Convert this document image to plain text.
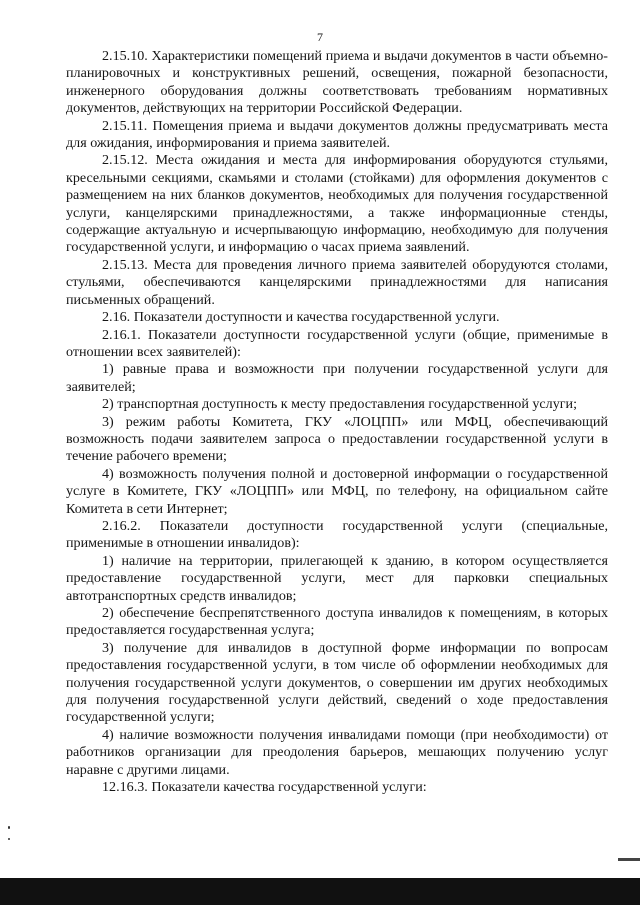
7

2.15.10. Характеристики помещений приема и выдачи документов в части объемно-планировочных и конструктивных решений, освещения, пожарной безопасности, инженерного оборудования должны соответствовать требованиям нормативных документов, действующих на территории Российской Федерации.

2.15.11. Помещения приема и выдачи документов должны предусматривать места для ожидания, информирования и приема заявителей.

2.15.12. Места ожидания и места для информирования оборудуются стульями, кресельными секциями, скамьями и столами (стойками) для оформления документов с размещением на них бланков документов, необходимых для получения государственной услуги, канцелярскими принадлежностями, а также информационные стенды, содержащие актуальную и исчерпывающую информацию, необходимую для получения государственной услуги, и информацию о часах приема заявлений.

2.15.13. Места для проведения личного приема заявителей оборудуются столами, стульями, обеспечиваются канцелярскими принадлежностями для написания письменных обращений.

2.16. Показатели доступности и качества государственной услуги.

2.16.1. Показатели доступности государственной услуги (общие, применимые в отношении всех заявителей):

1) равные права и возможности при получении государственной услуги для заявителей;

2) транспортная доступность к месту предоставления государственной услуги;

3) режим работы Комитета, ГКУ «ЛОЦПП» или МФЦ, обеспечивающий возможность подачи заявителем запроса о предоставлении государственной услуги в течение рабочего времени;

4) возможность получения полной и достоверной информации о государственной услуге в Комитете, ГКУ «ЛОЦПП» или МФЦ, по телефону, на официальном сайте Комитета в сети Интернет;

2.16.2. Показатели доступности государственной услуги (специальные, применимые в отношении инвалидов):

1) наличие на территории, прилегающей к зданию, в котором осуществляется предоставление государственной услуги, мест для парковки специальных автотранспортных средств инвалидов;

2) обеспечение беспрепятственного доступа инвалидов к помещениям, в которых предоставляется государственная услуга;

3) получение для инвалидов в доступной форме информации по вопросам предоставления государственной услуги, в том числе об оформлении необходимых для получения государственной услуги документов, о совершении им других необходимых для получения государственной услуги действий, сведений о ходе предоставления государственной услуги;

4) наличие возможности получения инвалидами помощи (при необходимости) от работников организации для преодоления барьеров, мешающих получению услуг наравне с другими лицами.

12.16.3. Показатели качества государственной услуги:
